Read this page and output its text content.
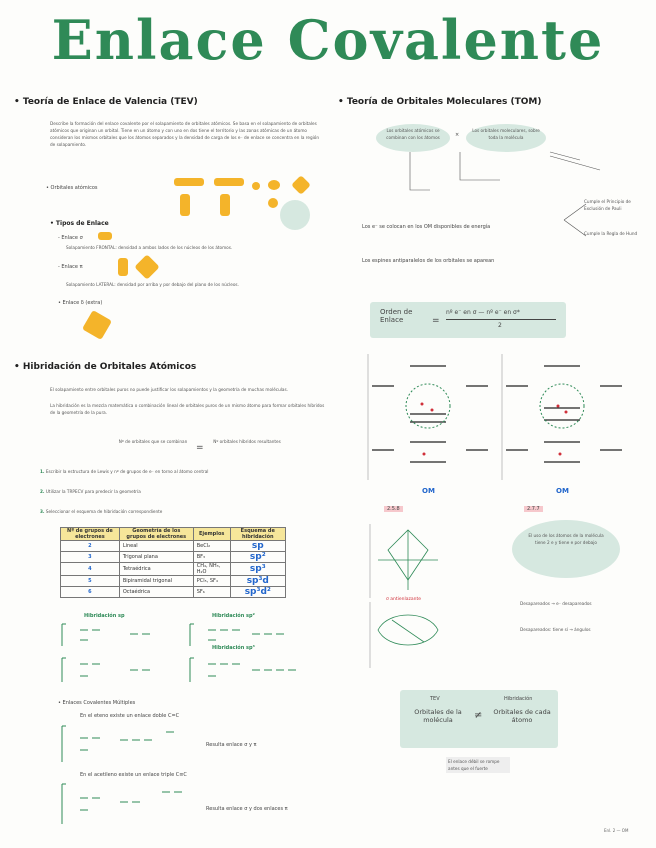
Enlace Covalente
• Teoría de Enlace de Valencia (TEV)
Describe la formación del enlace covalente por el solapamiento de orbitales atómicos. Se basa en el solapamiento de orbitales atómicos que originan un orbital. Tiene en un átomo y con uno en dos tiene el territorio y las zonas atómicas de un átomo consideran los mismos orbitales que los átomos separados y la densidad de carga de los e⁻ de enlace se concentra en la región de solapamiento.
• Orbitales atómicos
• Tipos de Enlace
- Enlace σ
Solapamiento FRONTAL: densidad a ambos lados de los núcleos de los átomos.
- Enlace π
Solapamiento LATERAL: densidad por arriba y por debajo del plano de los núcleos.
• Enlace δ (extra)
• Hibridación de Orbitales Atómicos
El solapamiento entre orbitales puros no puede justificar los solapamientos y la geometría de muchas moléculas.
La hibridación es la mezcla matemática o combinación lineal de orbitales puros de un mismo átomo para formar orbitales híbridos de la geometría de la pura.
Nº de orbitales que se combinan
=
Nº orbitales híbridos resultantes
1. Escribir la estructura de Lewis y nº de grupos de e⁻ en torno al átomo central
2. Utilizar la TRPECV para predecir la geometría
3. Seleccionar el esquema de hibridación correspondiente
Nº de grupos de electrones	Geometría de los grupos de electrones	Ejemplos	Esquema de hibridación
2	Lineal	BeCl₂	sp
3	Trigonal plana	BF₃	sp²
4	Tetraédrica	CH₄, NH₃, H₂O	sp³
5	Bipiramidal trigonal	PCl₅, SF₄	sp³d
6	Octaédrica	SF₆	sp³d²
Hibridación sp	Hibridación sp²
Hibridación sp³
• Enlaces Covalentes Múltiples
En el eteno existe un enlace doble C=C
En el acetileno existe un enlace triple C≡C
Resulta enlace σ y π
Resulta enlace σ y dos enlaces π
• Teoría de Orbitales Moleculares (TOM)
Los orbitales atómicos se combinan con los átomos	×
Los orbitales moleculares, sobre toda la molécula
Los e⁻ se colocan en los OM disponibles de energía
Cumple el Principio de Exclusión de Pauli
Cumple la Regla de Hund
Los espines antiparalelos de los orbitales se aparean
Orden de Enlace	=
nº e⁻ en σ — nº e⁻ en σ*
2
OM	OM
2.5.8	2.7.7
σ antienlazante
El uso de los átomos de la molécula tiene 2 e y tiene e por debajo
Desapareados → e⁻ desapareados
Desapareados: tiene sí → ángulos
TEV	Hibridación
Orbitales de la molécula	≠	Orbitales de cada átomo
El enlace débil se rompe antes que el fuerte
Enl. 2 — OM
